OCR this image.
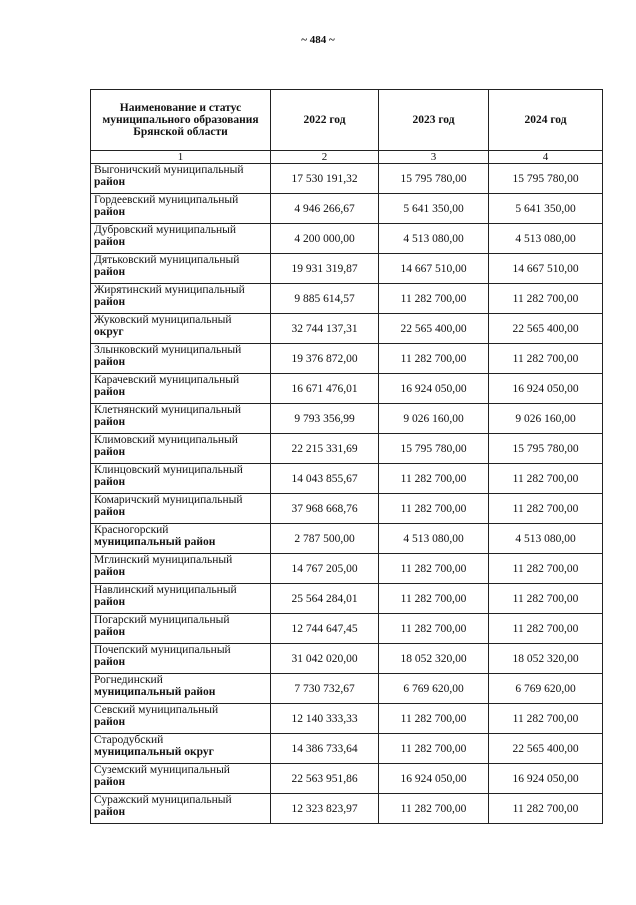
~ 484 ~
Наименование и статус муниципального образования Брянской области	2022 год	2023 год	2024 год
1	2	3	4

Выгоничский муниципальный
район	17 530 191,32	15 795 780,00	15 795 780,00

Гордеевский муниципальный
район	4 946 266,67	5 641 350,00	5 641 350,00

Дубровский муниципальный
район	4 200 000,00	4 513 080,00	4 513 080,00

Дятьковский муниципальный
район	19 931 319,87	14 667 510,00	14 667 510,00

Жирятинский муниципальный
район	9 885 614,57	11 282 700,00	11 282 700,00

Жуковский муниципальный
округ	32 744 137,31	22 565 400,00	22 565 400,00

Злынковский муниципальный
район	19 376 872,00	11 282 700,00	11 282 700,00

Карачевский муниципальный
район	16 671 476,01	16 924 050,00	16 924 050,00

Клетнянский муниципальный
район	9 793 356,99	9 026 160,00	9 026 160,00

Климовский муниципальный
район	22 215 331,69	15 795 780,00	15 795 780,00

Клинцовский муниципальный
район	14 043 855,67	11 282 700,00	11 282 700,00

Комаричский муниципальный
район	37 968 668,76	11 282 700,00	11 282 700,00

Красногорский
муниципальный район	2 787 500,00	4 513 080,00	4 513 080,00

Мглинский муниципальный
район	14 767 205,00	11 282 700,00	11 282 700,00

Навлинский муниципальный
район	25 564 284,01	11 282 700,00	11 282 700,00

Погарский муниципальный
район	12 744 647,45	11 282 700,00	11 282 700,00

Почепский муниципальный
район	31 042 020,00	18 052 320,00	18 052 320,00

Рогнединский
муниципальный район	7 730 732,67	6 769 620,00	6 769 620,00

Севский муниципальный
район	12 140 333,33	11 282 700,00	11 282 700,00

Стародубский
муниципальный округ	14 386 733,64	11 282 700,00	22 565 400,00

Суземский муниципальный
район	22 563 951,86	16 924 050,00	16 924 050,00

Суражский муниципальный
район	12 323 823,97	11 282 700,00	11 282 700,00
